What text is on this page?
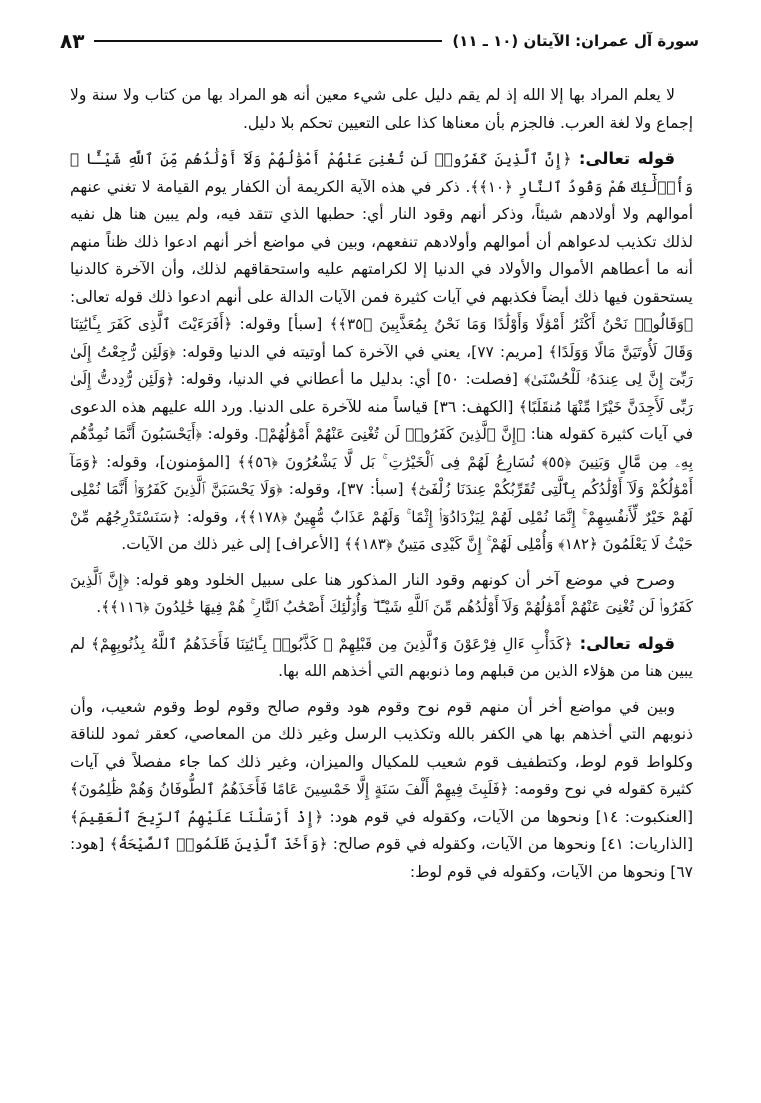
سورة آل عمران: الآيتان (١٠ ـ ١١)
٨٣

لا يعلم المراد بها إلا الله إذ لم يقم دليل على شيء معين أنه هو المراد بها من كتاب ولا سنة ولا إجماع ولا لغة العرب. فالجزم بأن معناها كذا على التعيين تحكم بلا دليل.

قوله تعالى: ﴿إِنَّ ٱلَّذِينَ كَفَرُوا۟ لَن تُغْنِىَ عَنْهُمْ أَمْوَٰلُهُمْ وَلَآ أَوْلَٰدُهُم مِّنَ ٱللَّهِ شَيْـًٔا ۖ وَأُو۟لَٰٓئِكَ هُمْ وَقُودُ ٱلنَّارِ ﴿١٠﴾﴾. ذكر في هذه الآية الكريمة أن الكفار يوم القيامة لا تغني عنهم أموالهم ولا أولادهم شيئاً، وذكر أنهم وقود النار أي: حطبها الذي تتقد فيه، ولم يبين هنا هل نفيه لذلك تكذيب لدعواهم أن أموالهم وأولادهم تنفعهم، وبين في مواضع أخر أنهم ادعوا ذلك ظناً منهم أنه ما أعطاهم الأموال والأولاد في الدنيا إلا لكرامتهم عليه واستحقاقهم لذلك، وأن الآخرة كالدنيا يستحقون فيها ذلك أيضاً فكذبهم في آيات كثيرة فمن الآيات الدالة على أنهم ادعوا ذلك قوله تعالى: ﴿وَقَالُوا۟ نَحْنُ أَكْثَرُ أَمْوَٰلًا وَأَوْلَٰدًا وَمَا نَحْنُ بِمُعَذَّبِينَ ﴿٣٥﴾﴾ [سبأ] وقوله: ﴿أَفَرَءَيْتَ ٱلَّذِى كَفَرَ بِـَٔايَٰتِنَا وَقَالَ لَأُوتَيَنَّ مَالًا وَوَلَدًا﴾ [مريم: ٧٧]، يعني في الآخرة كما أوتيته في الدنيا وقوله: ﴿وَلَئِن رُّجِعْتُ إِلَىٰ رَبِّىٓ إِنَّ لِى عِندَهُۥ لَلْحُسْنَىٰ﴾ [فصلت: ٥٠] أي: بدليل ما أعطاني في الدنيا، وقوله: ﴿وَلَئِن رُّدِدتُّ إِلَىٰ رَبِّى لَأَجِدَنَّ خَيْرًا مِّنْهَا مُنقَلَبًا﴾ [الكهف: ٣٦] قياساً منه للآخرة على الدنيا. ورد الله عليهم هذه الدعوى في آيات كثيرة كقوله هنا: ﴿إِنَّ ٱلَّذِينَ كَفَرُوا۟ لَن تُغْنِىَ عَنْهُمْ أَمْوَٰلُهُمْ﴾. وقوله: ﴿أَيَحْسَبُونَ أَنَّمَا نُمِدُّهُم بِهِۦ مِن مَّالٍ وَبَنِينَ ﴿٥٥﴾ نُسَارِعُ لَهُمْ فِى ٱلْخَيْرَٰتِ ۚ بَل لَّا يَشْعُرُونَ ﴿٥٦﴾﴾ [المؤمنون]، وقوله: ﴿وَمَآ أَمْوَٰلُكُمْ وَلَآ أَوْلَٰدُكُم بِٱلَّتِى تُقَرِّبُكُمْ عِندَنَا زُلْفَىٰٓ﴾ [سبأ: ٣٧]، وقوله: ﴿وَلَا يَحْسَبَنَّ ٱلَّذِينَ كَفَرُوٓا۟ أَنَّمَا نُمْلِى لَهُمْ خَيْرٌ لِّأَنفُسِهِمْ ۚ إِنَّمَا نُمْلِى لَهُمْ لِيَزْدَادُوٓا۟ إِثْمًا ۚ وَلَهُمْ عَذَابٌ مُّهِينٌ ﴿١٧٨﴾﴾، وقوله: ﴿سَنَسْتَدْرِجُهُم مِّنْ حَيْثُ لَا يَعْلَمُونَ ﴿١٨٢﴾ وَأُمْلِى لَهُمْ ۚ إِنَّ كَيْدِى مَتِينٌ ﴿١٨٣﴾﴾ [الأعراف] إلى غير ذلك من الآيات.

وصرح في موضع آخر أن كونهم وقود النار المذكور هنا على سبيل الخلود وهو قوله: ﴿إِنَّ ٱلَّذِينَ كَفَرُوا۟ لَن تُغْنِىَ عَنْهُمْ أَمْوَٰلُهُمْ وَلَآ أَوْلَٰدُهُم مِّنَ ٱللَّهِ شَيْـًٔا ۖ وَأُو۟لَٰٓئِكَ أَصْحَٰبُ ٱلنَّارِ ۚ هُمْ فِيهَا خَٰلِدُونَ ﴿١١٦﴾﴾.

قوله تعالى: ﴿كَدَأْبِ ءَالِ فِرْعَوْنَ وَٱلَّذِينَ مِن قَبْلِهِمْ ۚ كَذَّبُوا۟ بِـَٔايَٰتِنَا فَأَخَذَهُمُ ٱللَّهُ بِذُنُوبِهِمْ﴾ لم يبين هنا من هؤلاء الذين من قبلهم وما ذنوبهم التي أخذهم الله بها.

وبين في مواضع أخر أن منهم قوم نوح وقوم هود وقوم صالح وقوم لوط وقوم شعيب، وأن ذنوبهم التي أخذهم بها هي الكفر بالله وتكذيب الرسل وغير ذلك من المعاصي، كعقر ثمود للناقة وكلواط قوم لوط، وكتطفيف قوم شعيب للمكيال والميزان، وغير ذلك كما جاء مفصلاً في آيات كثيرة كقوله في نوح وقومه: ﴿فَلَبِثَ فِيهِمْ أَلْفَ سَنَةٍ إِلَّا خَمْسِينَ عَامًا فَأَخَذَهُمُ ٱلطُّوفَانُ وَهُمْ ظَٰلِمُونَ﴾ [العنكبوت: ١٤] ونحوها من الآيات، وكقوله في قوم هود: ﴿إِذْ أَرْسَلْنَا عَلَيْهِمُ ٱلرِّيحَ ٱلْعَقِيمَ﴾ [الذاريات: ٤١] ونحوها من الآيات، وكقوله في قوم صالح: ﴿وَأَخَذَ ٱلَّذِينَ ظَلَمُوا۟ ٱلصَّيْحَةُ﴾ [هود: ٦٧] ونحوها من الآيات، وكقوله في قوم لوط:
